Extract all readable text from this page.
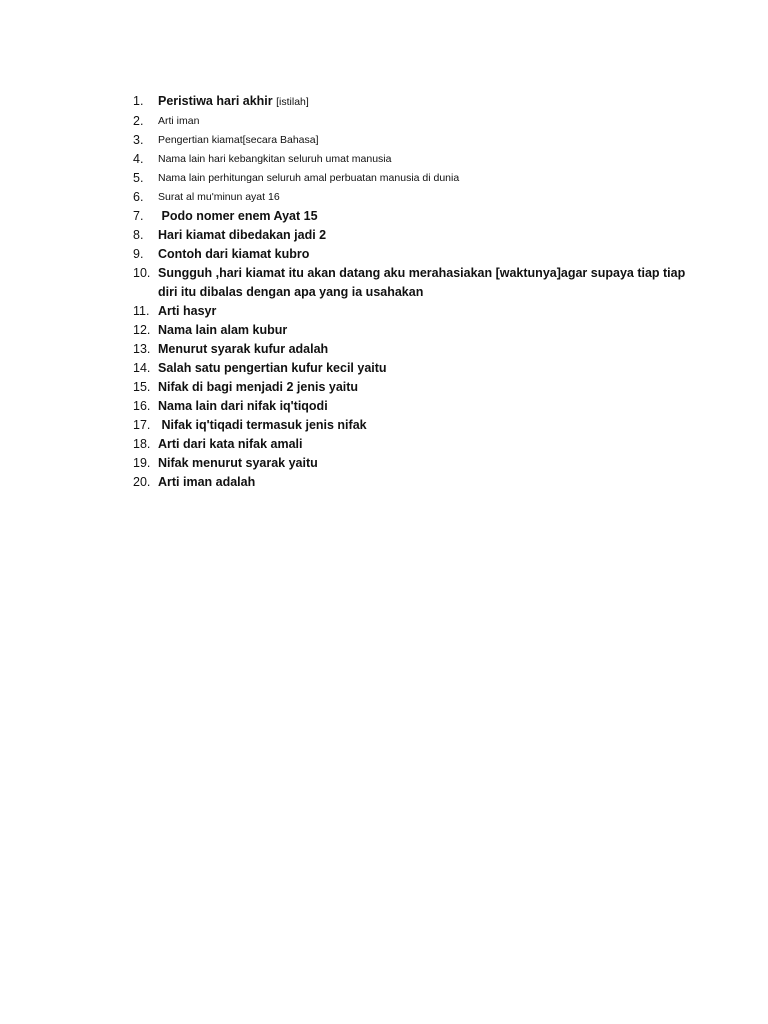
1.	Peristiwa hari akhir [istilah]
2.	Arti iman
3.	Pengertian kiamat[secara Bahasa]
4.	Nama lain hari kebangkitan seluruh umat manusia
5.	Nama lain perhitungan seluruh amal perbuatan manusia di dunia
6.	Surat al mu'minun ayat 16
7.	Podo nomer enem Ayat 15
8.	Hari kiamat dibedakan jadi 2
9.	Contoh dari kiamat kubro
10. Sungguh ,hari kiamat itu akan datang aku merahasiakan [waktunya]agar supaya tiap tiap diri itu dibalas dengan apa yang ia usahakan
11. Arti hasyr
12. Nama lain alam kubur
13. Menurut syarak kufur adalah
14. Salah satu pengertian kufur kecil yaitu
15. Nifak di bagi menjadi 2 jenis yaitu
16. Nama lain dari nifak iq'tiqodi
17. Nifak iq'tiqadi termasuk jenis nifak
18. Arti dari kata nifak amali
19. Nifak menurut syarak yaitu
20. Arti iman adalah
